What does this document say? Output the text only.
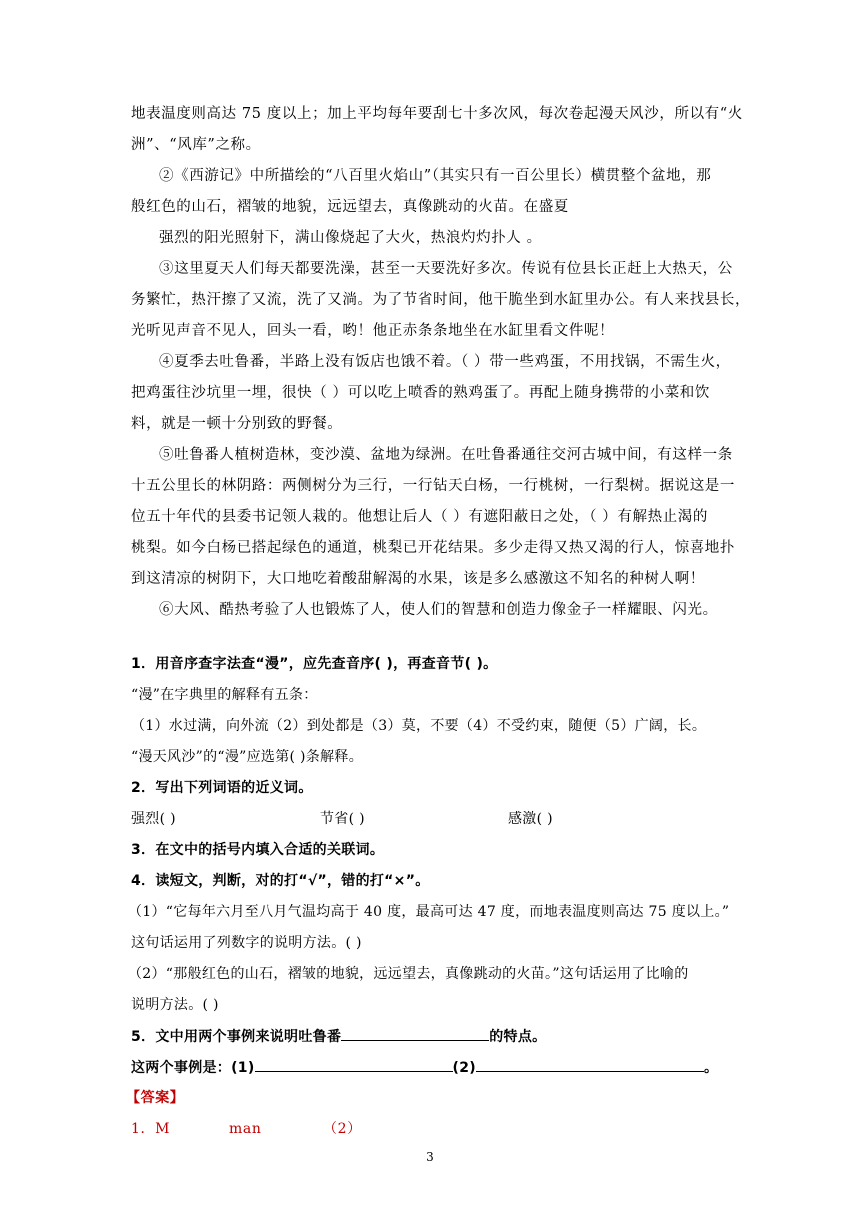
地表温度则高达 75 度以上；加上平均每年要刮七十多次风，每次卷起漫天风沙，所以有“火
洲”、“风库”之称。
②《西游记》中所描绘的“八百里火焰山”（其实只有一百公里长）横贯整个盆地，那
般红色的山石，褶皱的地貌，远远望去，真像跳动的火苗。在盛夏
强烈的阳光照射下，满山像烧起了大火，热浪灼灼扑人 。
③这里夏天人们每天都要洗澡，甚至一天要洗好多次。传说有位县长正赶上大热天，公
务繁忙，热汗擦了又流，洗了又淌。为了节省时间，他干脆坐到水缸里办公。有人来找县长，
光听见声音不见人，回头一看，哟！他正赤条条地坐在水缸里看文件呢！
④夏季去吐鲁番，半路上没有饭店也饿不着。（ ）带一些鸡蛋，不用找锅，不需生火，
把鸡蛋往沙坑里一埋，很快（ ）可以吃上喷香的熟鸡蛋了。再配上随身携带的小菜和饮
料，就是一顿十分别致的野餐。
⑤吐鲁番人植树造林，变沙漠、盆地为绿洲。在吐鲁番通往交河古城中间，有这样一条
十五公里长的林阴路：两侧树分为三行，一行钻天白杨，一行桃树，一行梨树。据说这是一
位五十年代的县委书记领人栽的。他想让后人（ ）有遮阳蔽日之处，（ ）有解热止渴的
桃梨。如今白杨已搭起绿色的通道，桃梨已开花结果。多少走得又热又渴的行人，惊喜地扑
到这清凉的树阴下，大口地吃着酸甜解渴的水果，该是多么感激这不知名的种树人啊！
⑥大风、酷热考验了人也锻炼了人，使人们的智慧和创造力像金子一样耀眼、闪光。
1．用音序查字法查“漫”，应先查音序( )，再查音节( )。
“漫”在字典里的解释有五条：
（1）水过满，向外流（2）到处都是（3）莫，不要（4）不受约束，随便（5）广阔，长。
“漫天风沙”的“漫”应选第( )条解释。
2．写出下列词语的近义词。
强烈( )	节省( )	感激( )
3．在文中的括号内填入合适的关联词。
4．读短文，判断，对的打“√”，错的打“×”。
（1）“它每年六月至八月气温均高于 40 度，最高可达 47 度，而地表温度则高达 75 度以上。”
这句话运用了列数字的说明方法。( )
（2）“那般红色的山石，褶皱的地貌，远远望去，真像跳动的火苗。”这句话运用了比喻的
说明方法。( )
5．文中用两个事例来说明吐鲁番	的特点。
这两个事例是：(1)	(2)	。
【答案】
1．M	man	（2）
3
